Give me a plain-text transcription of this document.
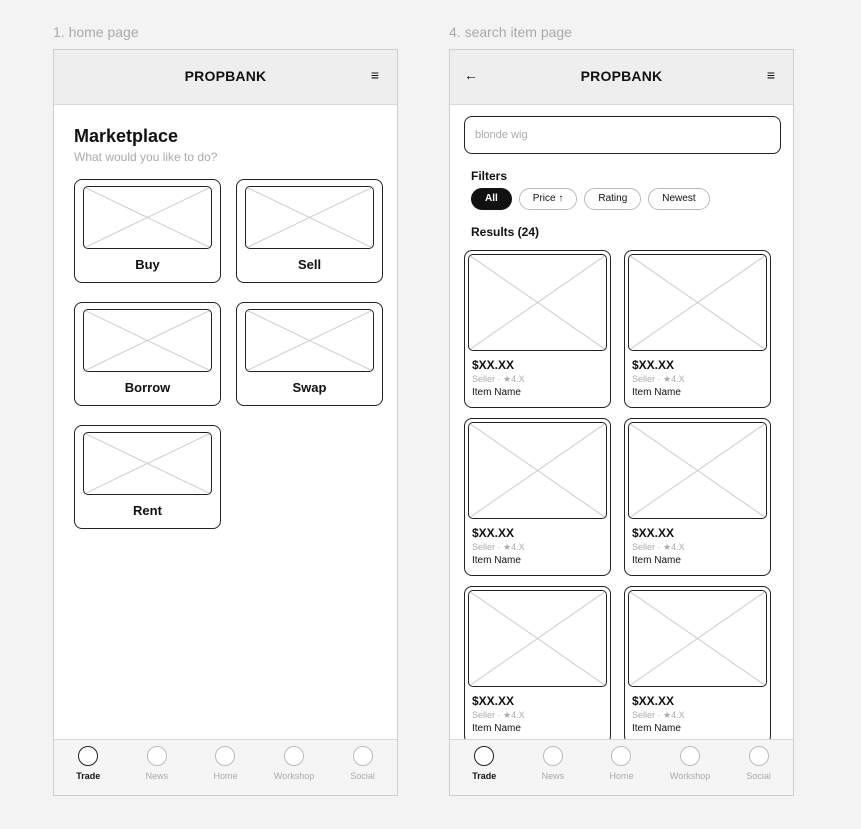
1. home page	4. search item page
PROPBANK	≡
Marketplace
What would you like to do?
Buy	Sell
Borrow	Swap
Rent
Trade	News	Home	Workshop	Social
←	PROPBANK	≡
blonde wig
Filters
All	Price ↑	Rating	Newest
Results (24)
$XX.XX
Seller · ★4.X
Item Name
$XX.XX
Seller · ★4.X
Item Name
$XX.XX
Seller · ★4.X
Item Name
$XX.XX
Seller · ★4.X
Item Name
$XX.XX
Seller · ★4.X
Item Name
$XX.XX
Seller · ★4.X
Item Name
Trade	News	Home	Workshop	Social
